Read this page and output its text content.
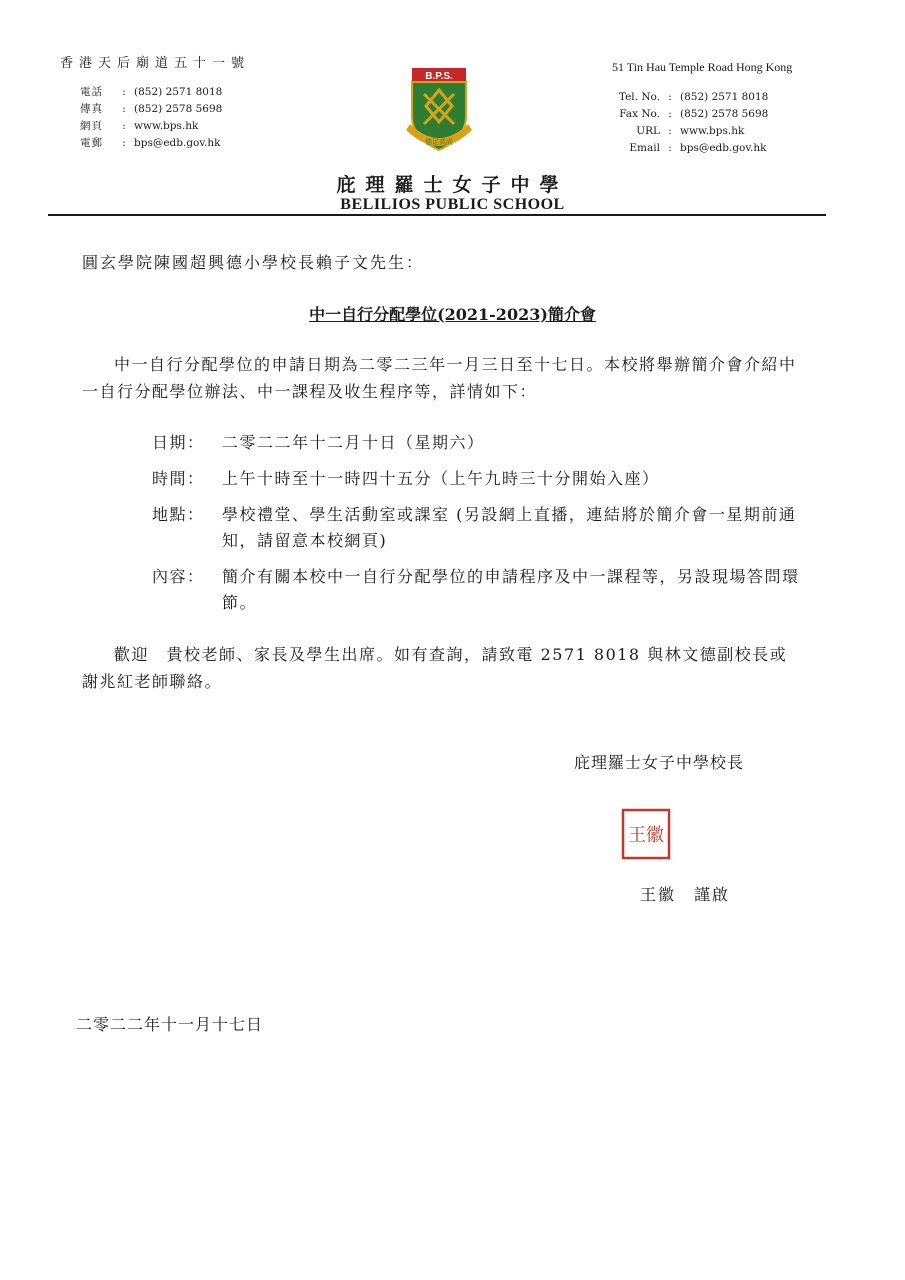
香港天后廟道五十一號	51 Tin Hau Temple Road Hong Kong
電話	: (852) 2571 8018
傳真	: (852) 2578 5698
網頁	: www.bps.hk
電郵	: bps@edb.gov.hk
Tel. No. : (852) 2571 8018
Fax No. : (852) 2578 5698
URL : www.bps.hk
Email : bps@edb.gov.hk
B.P.S.
德足高尚
庇理羅士女子中學
BELILIOS PUBLIC SCHOOL
圓玄學院陳國超興德小學校長賴子文先生：
中一自行分配學位(2021-2023)簡介會
中一自行分配學位的申請日期為二零二三年一月三日至十七日。本校將舉辦簡介會介紹中一自行分配學位辦法、中一課程及收生程序等，詳情如下：
日期：	二零二二年十二月十日（星期六）
時間：	上午十時至十一時四十五分（上午九時三十分開始入座）
地點：	學校禮堂、學生活動室或課室 (另設網上直播，連結將於簡介會一星期前通知，請留意本校網頁)
內容：	簡介有關本校中一自行分配學位的申請程序及中一課程等，另設現場答問環節。
歡迎　貴校老師、家長及學生出席。如有查詢，請致電 2571 8018 與林文德副校長或謝兆紅老師聯絡。
庇理羅士女子中學校長
王徽
王徽　謹啟
二零二二年十一月十七日
